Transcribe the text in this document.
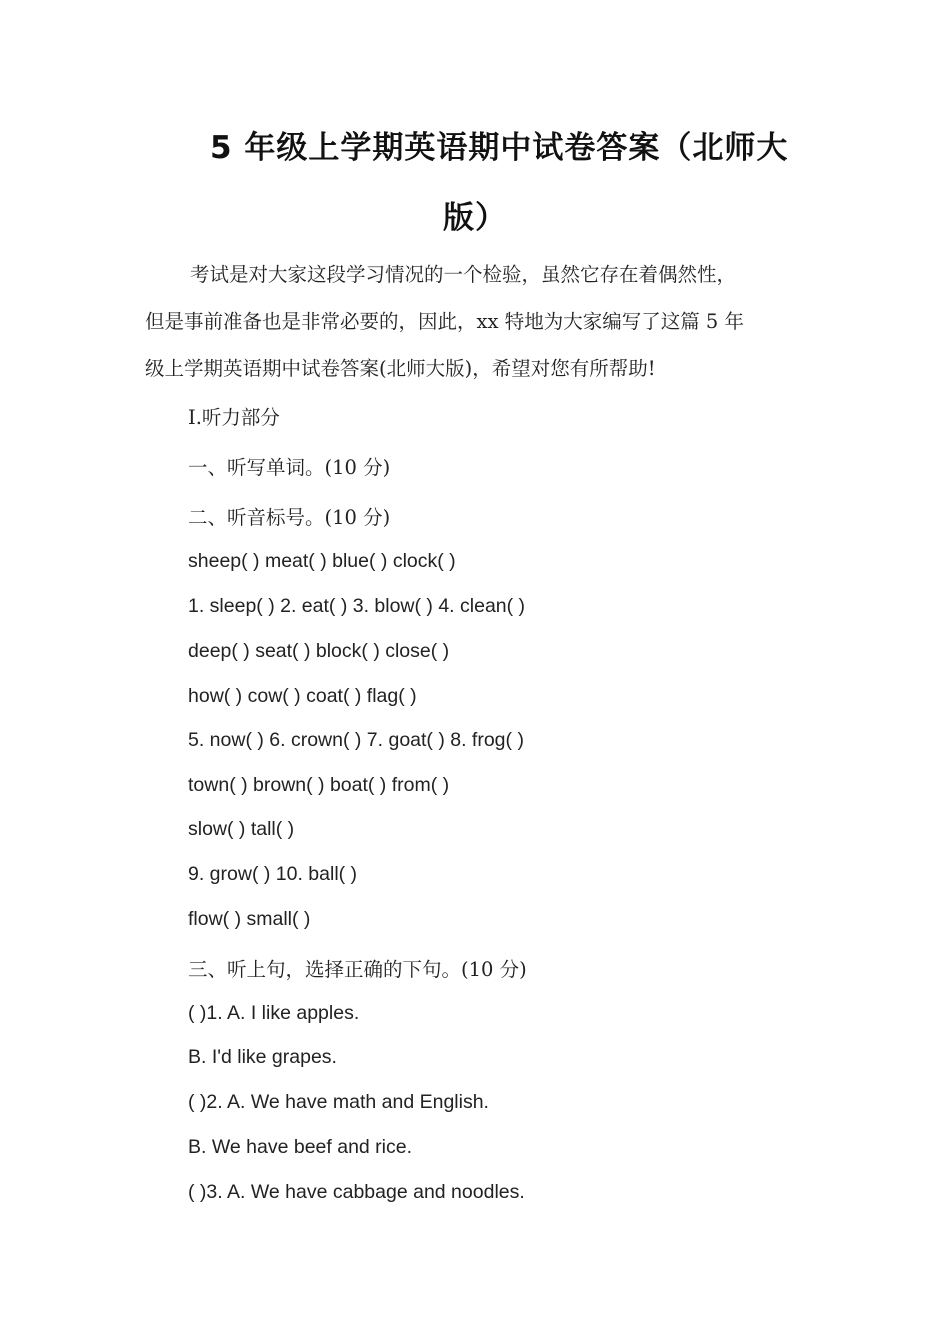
5 年级上学期英语期中试卷答案（北师大
版）
考试是对大家这段学习情况的一个检验，虽然它存在着偶然性，
但是事前准备也是非常必要的，因此，xx 特地为大家编写了这篇 5 年
级上学期英语期中试卷答案(北师大版)，希望对您有所帮助!
I.听力部分
一、听写单词。(10 分)
二、听音标号。(10 分)
sheep( ) meat( ) blue( ) clock( )
1. sleep( ) 2. eat( ) 3. blow( ) 4. clean( )
deep( ) seat( ) block( ) close( )
how( ) cow( ) coat( ) flag( )
5. now( ) 6. crown( ) 7. goat( ) 8. frog( )
town( ) brown( ) boat( ) from( )
slow( ) tall( )
9. grow( ) 10. ball( )
flow( ) small( )
三、听上句，选择正确的下句。(10 分)
( )1. A. I like apples.
B. I'd like grapes.
( )2. A. We have math and English.
B. We have beef and rice.
( )3. A. We have cabbage and noodles.
